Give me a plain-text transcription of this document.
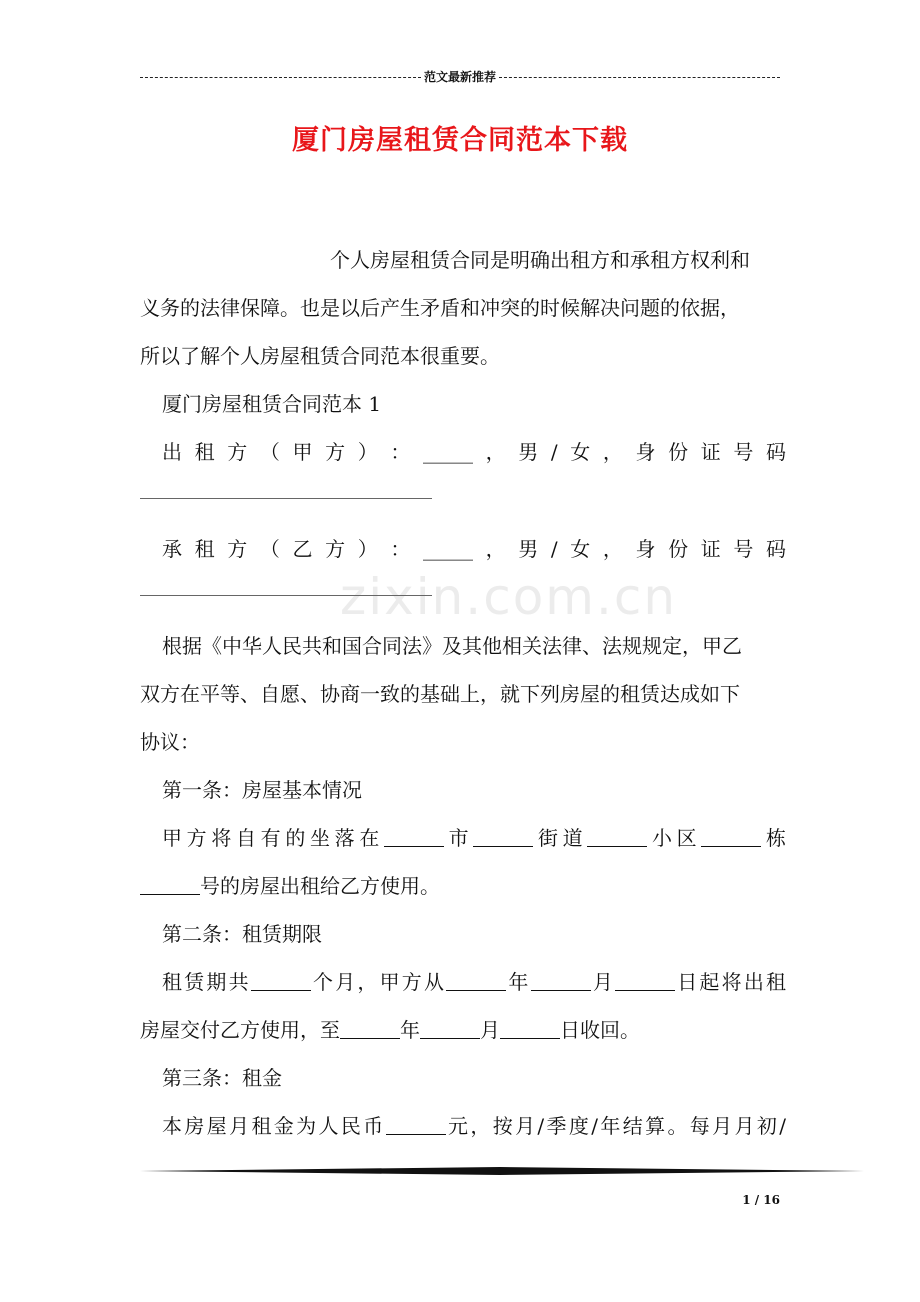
范文最新推荐
厦门房屋租赁合同范本下载
zixin.com.cn

个人房屋租赁合同是明确出租方和承租方权利和

义务的法律保障。也是以后产生矛盾和冲突的时候解决问题的依据，

所以了解个人房屋租赁合同范本很重要。

厦门房屋租赁合同范本 1

出 租 方 （ 甲 方 ） ： _____ ， 男 / 女 ， 身 份 证 号 码
承 租 方 （ 乙 方 ） ： _____ ， 男 / 女 ， 身 份 证 号 码

根据《中华人民共和国合同法》及其他相关法律、法规规定，甲乙

双方在平等、自愿、协商一致的基础上，就下列房屋的租赁达成如下

协议：

第一条：房屋基本情况

甲方将自有的坐落在	市	街道	小区	栋

号的房屋出租给乙方使用。

第二条：租赁期限

租赁期共	个月，甲方从	年	月	日起将出租

房屋交付乙方使用，至	年	月	日收回。

第三条：租金

本房屋月租金为人民币	元，按月/季度/年结算。每月月初/

1 / 16
